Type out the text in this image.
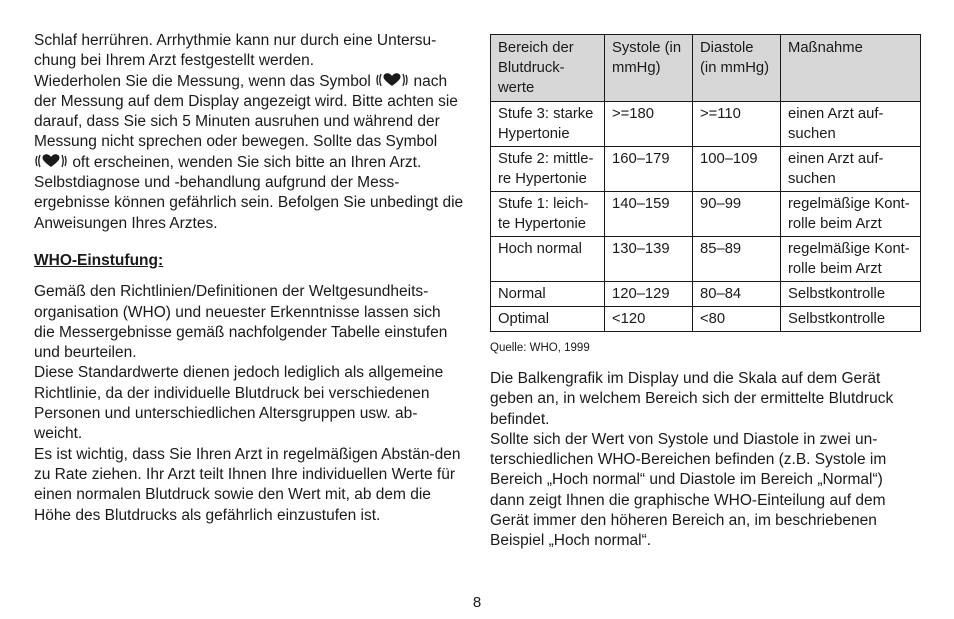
Schlaf herrühren. Arrhythmie kann nur durch eine Untersu-chung bei Ihrem Arzt festgestellt werden.

Wiederholen Sie die Messung, wenn das Symbol	nach der Messung auf dem Display angezeigt wird. Bitte achten sie darauf, dass Sie sich 5 Minuten ausruhen und während der Messung nicht sprechen oder bewegen. Sollte das Symbol
oft erscheinen, wenden Sie sich bitte an Ihren Arzt. Selbstdiagnose und -behandlung aufgrund der Mess-ergebnisse können gefährlich sein. Befolgen Sie unbedingt die Anweisungen Ihres Arztes.

WHO-Einstufung:

Gemäß den Richtlinien/Definitionen der Weltgesundheits-organisation (WHO) und neuester Erkenntnisse lassen sich die Messergebnisse gemäß nachfolgender Tabelle einstufen und beurteilen.

Diese Standardwerte dienen jedoch lediglich als allgemeine Richtlinie, da der individuelle Blutdruck bei verschiedenen Personen und unterschiedlichen Altersgruppen usw. ab-weicht.

Es ist wichtig, dass Sie Ihren Arzt in regelmäßigen Abstän-den zu Rate ziehen. Ihr Arzt teilt Ihnen Ihre individuellen Werte für einen normalen Blutdruck sowie den Wert mit, ab dem die Höhe des Blutdrucks als gefährlich einzustufen ist.

Bereich der Blutdruck-werte	Systole (in mmHg)	Diastole (in mmHg)	Maßnahme
Stufe 3: starke Hypertonie	>=180	>=110	einen Arzt auf-suchen
Stufe 2: mittle-re Hypertonie	160–179	100–109	einen Arzt auf-suchen
Stufe 1: leich-te Hypertonie	140–159	90–99	regelmäßige Kont-rolle beim Arzt
Hoch normal	130–139	85–89	regelmäßige Kont-rolle beim Arzt
Normal	120–129	80–84	Selbstkontrolle
Optimal	<120	<80	Selbstkontrolle
Quelle: WHO, 1999

Die Balkengrafik im Display und die Skala auf dem Gerät geben an, in welchem Bereich sich der ermittelte Blutdruck befindet.

Sollte sich der Wert von Systole und Diastole in zwei un-terschiedlichen WHO-Bereichen befinden (z.B. Systole im Bereich „Hoch normal“ und Diastole im Bereich „Normal“) dann zeigt Ihnen die graphische WHO-Einteilung auf dem Gerät immer den höheren Bereich an, im beschriebenen Beispiel „Hoch normal“.

8
